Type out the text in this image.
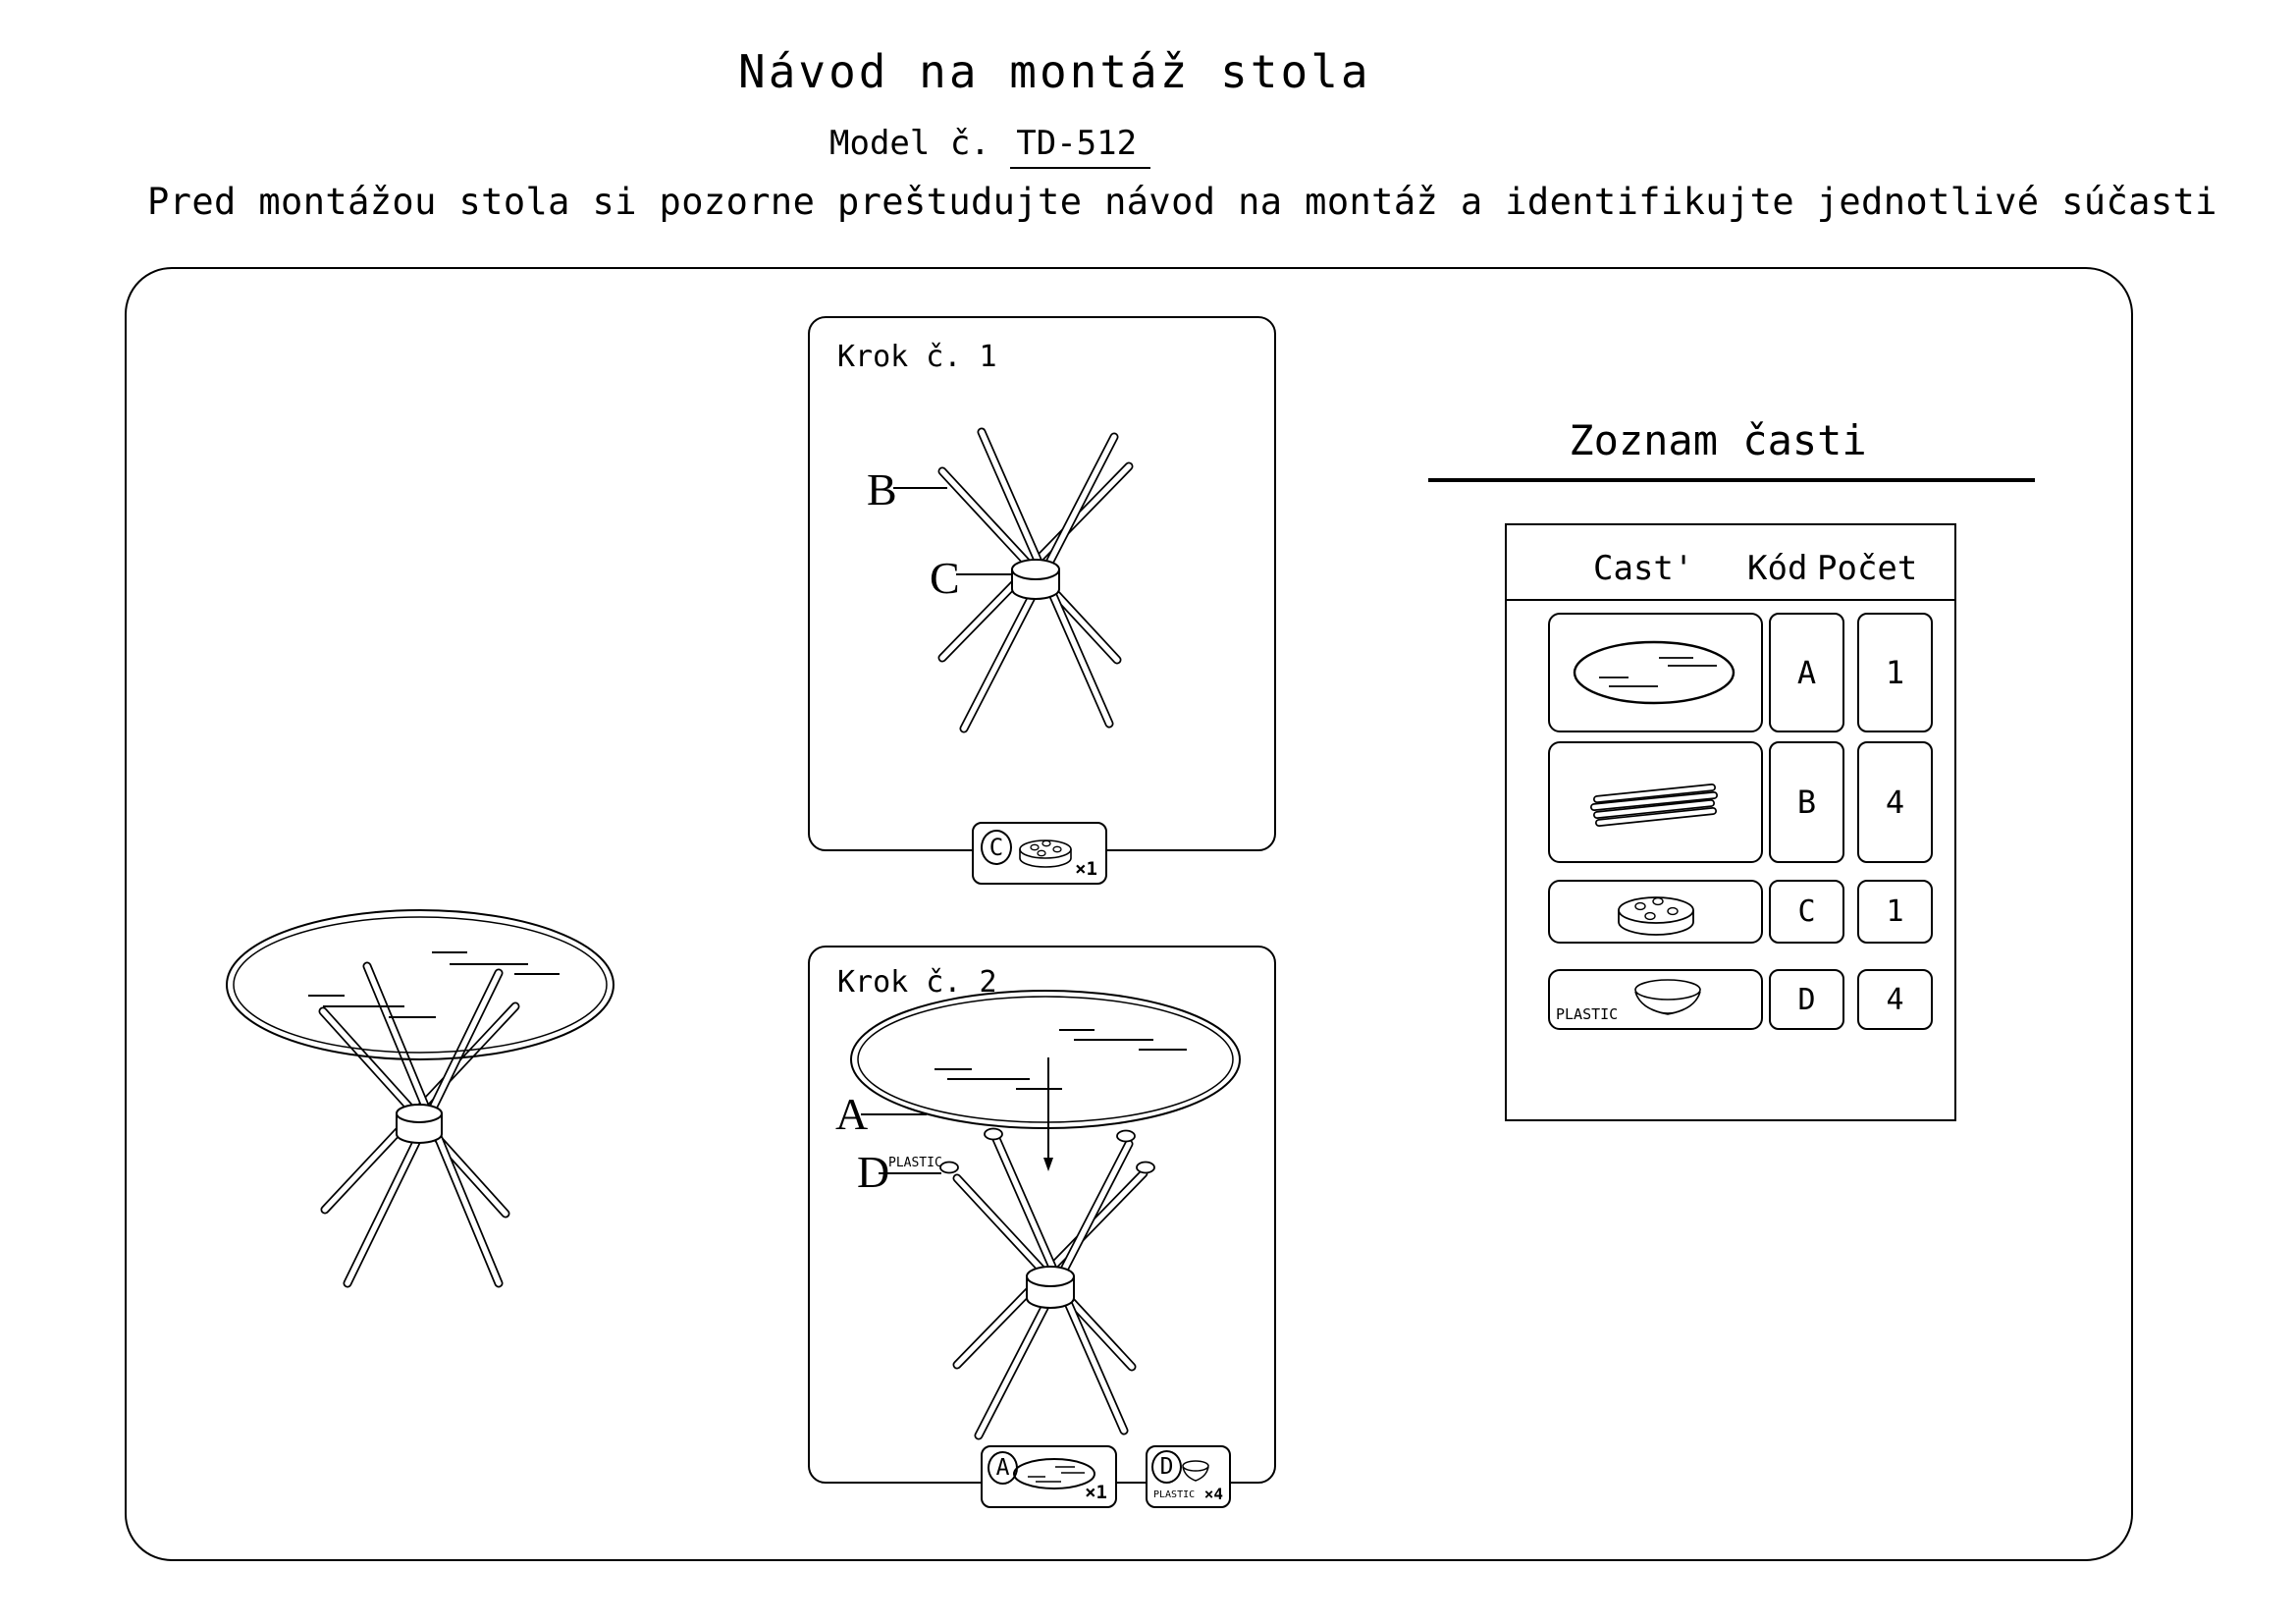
Návod na montáž stola
Model č. TD-512
Pred montážou stola si pozorne preštudujte návod na montáž a identifikujte jednotlivé súčasti
Krok č. 1
B
C
C
×1
Krok č. 2
A
D
PLASTIC
A
×1
D
PLASTIC ×4
Zoznam časti
Cast' Kód Počet
A 1
B 4
C 1
PLASTIC	D 4
